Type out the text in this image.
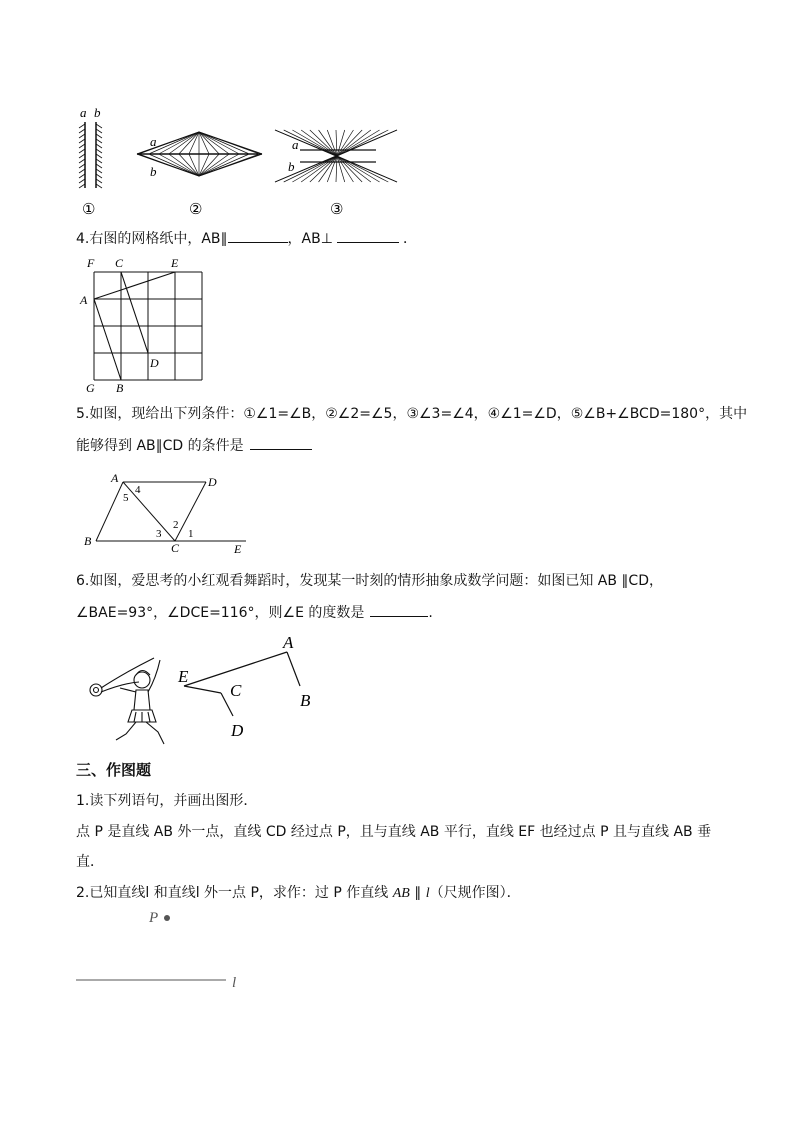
a b
①
a
b
②
a
b
③
4.右图的网格纸中，AB∥	，AB⊥	．
F C	E
A
D
G B
5.如图，现给出下列条件：①∠1=∠B，②∠2=∠5，③∠3=∠4，④∠1=∠D，⑤∠B+∠BCD=180°，其中
能够得到 AB∥CD 的条件是
A	D
B	C	E
1
2
3
4
5
6.如图，爱思考的小红观看舞蹈时，发现某一时刻的情形抽象成数学问题：如图已知 AB ∥CD，
∠BAE=93°，∠DCE=116°，则∠E 的度数是	.
A
B
C
D
E
三、作图题
1.读下列语句，并画出图形．
点 P 是直线 AB 外一点，直线 CD 经过点 P，且与直线 AB 平行，直线 EF 也经过点 P 且与直线 AB 垂
直．
2.已知直线l 和直线l 外一点 P，求作：过 P 作直线 AB ∥ l（尺规作图）．
P
l
